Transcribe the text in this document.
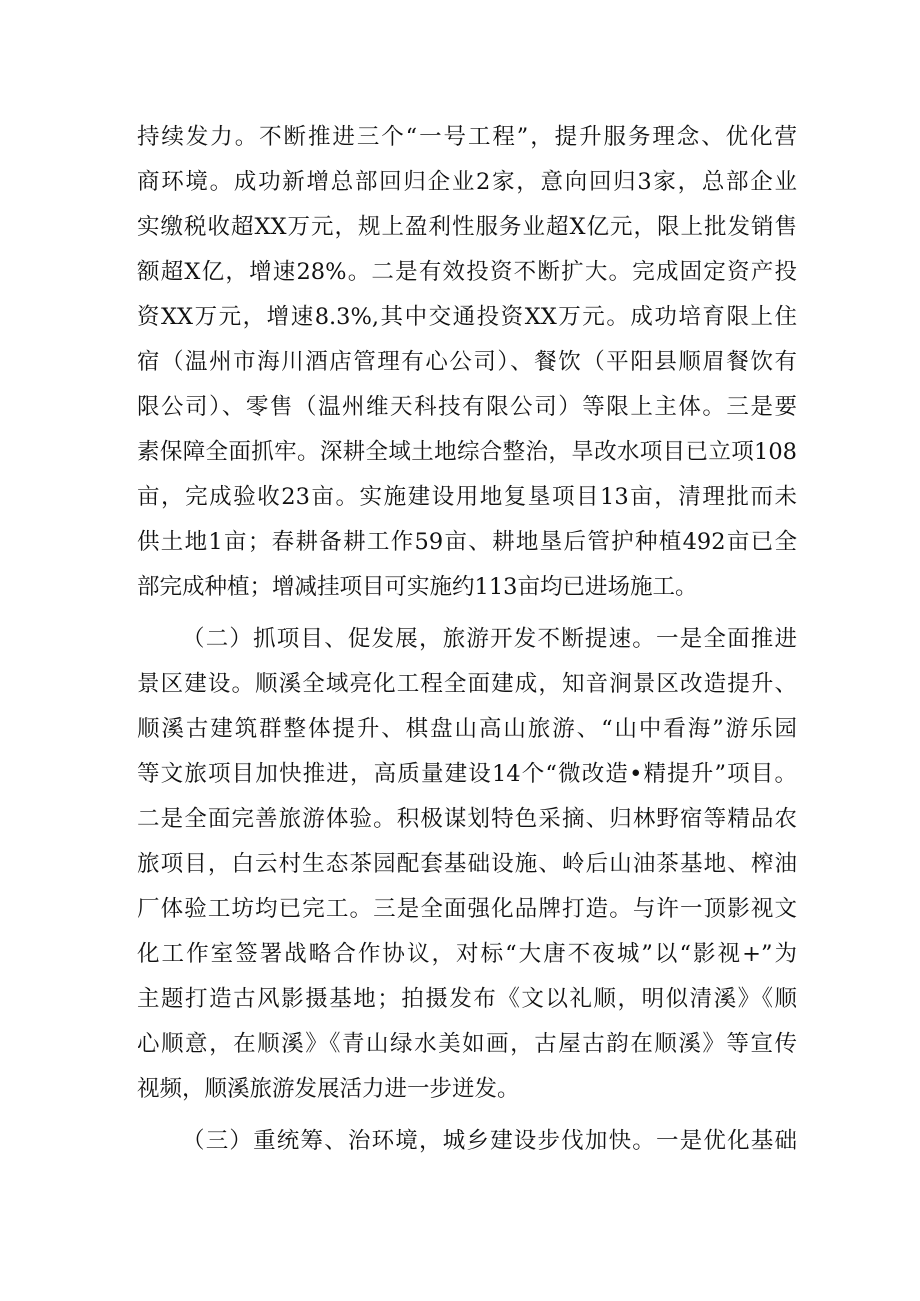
持续发力。不断推进三个“一号工程”，提升服务理念、优化营
商环境。成功新增总部回归企业2家，意向回归3家，总部企业
实缴税收超XX万元，规上盈利性服务业超X亿元，限上批发销售
额超X亿，增速28%。二是有效投资不断扩大。完成固定资产投
资XX万元，增速8.3%,其中交通投资XX万元。成功培育限上住
宿（温州市海川酒店管理有心公司）、餐饮（平阳县顺眉餐饮有
限公司）、零售（温州维天科技有限公司）等限上主体。三是要
素保障全面抓牢。深耕全域土地综合整治，旱改水项目已立项108
亩，完成验收23亩。实施建设用地复垦项目13亩，清理批而未
供土地1亩；春耕备耕工作59亩、耕地垦后管护种植492亩已全
部完成种植；增减挂项目可实施约113亩均已进场施工。
（二）抓项目、促发展，旅游开发不断提速。一是全面推进
景区建设。顺溪全域亮化工程全面建成，知音涧景区改造提升、
顺溪古建筑群整体提升、棋盘山高山旅游、“山中看海”游乐园
等文旅项目加快推进，高质量建设14个“微改造•精提升”项目。
二是全面完善旅游体验。积极谋划特色采摘、归林野宿等精品农
旅项目，白云村生态茶园配套基础设施、岭后山油茶基地、榨油
厂体验工坊均已完工。三是全面强化品牌打造。与许一顶影视文
化工作室签署战略合作协议，对标“大唐不夜城”以“影视+”为
主题打造古风影摄基地；拍摄发布《文以礼顺，明似清溪》《顺
心顺意，在顺溪》《青山绿水美如画，古屋古韵在顺溪》等宣传
视频，顺溪旅游发展活力进一步迸发。
（三）重统筹、治环境，城乡建设步伐加快。一是优化基础
